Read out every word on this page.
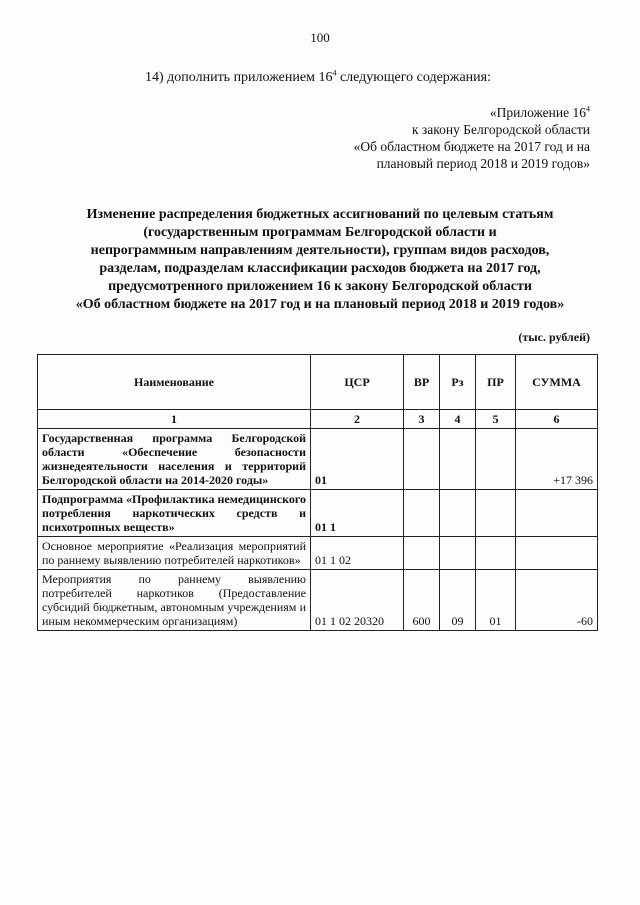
100
14) дополнить приложением $16^4$ следующего содержания:
«Приложение $16^4$
к закону Белгородской области
«Об областном бюджете на 2017 год и на
плановый период 2018 и 2019 годов»
Изменение распределения бюджетных ассигнований по целевым статьям
(государственным программам Белгородской области и
непрограммным направлениям деятельности), группам видов расходов,
разделам, подразделам классификации расходов бюджета на 2017 год,
предусмотренного приложением 16 к закону Белгородской области
«Об областном бюджете на 2017 год и на плановый период 2018 и 2019 годов»
(тыс. рублей)
Наименование	ЦСР	ВР	Рз	ПР	СУММА
1	2	3	4	5	6
Государственная программа Белгородской области «Обеспечение безопасности жизнедеятельности населения и территорий Белгородской области на 2014-2020 годы»	01				+17 396
Подпрограмма «Профилактика немедицинского потребления наркотических средств и психотропных веществ»	01 1				
Основное мероприятие «Реализация мероприятий по раннему выявлению потребителей наркотиков»	01 1 02				
Мероприятия по раннему выявлению потребителей наркотиков (Предоставление субсидий бюджетным, автономным учреждениям и иным некоммерческим организациям)	01 1 02 20320	600	09	01	-60
